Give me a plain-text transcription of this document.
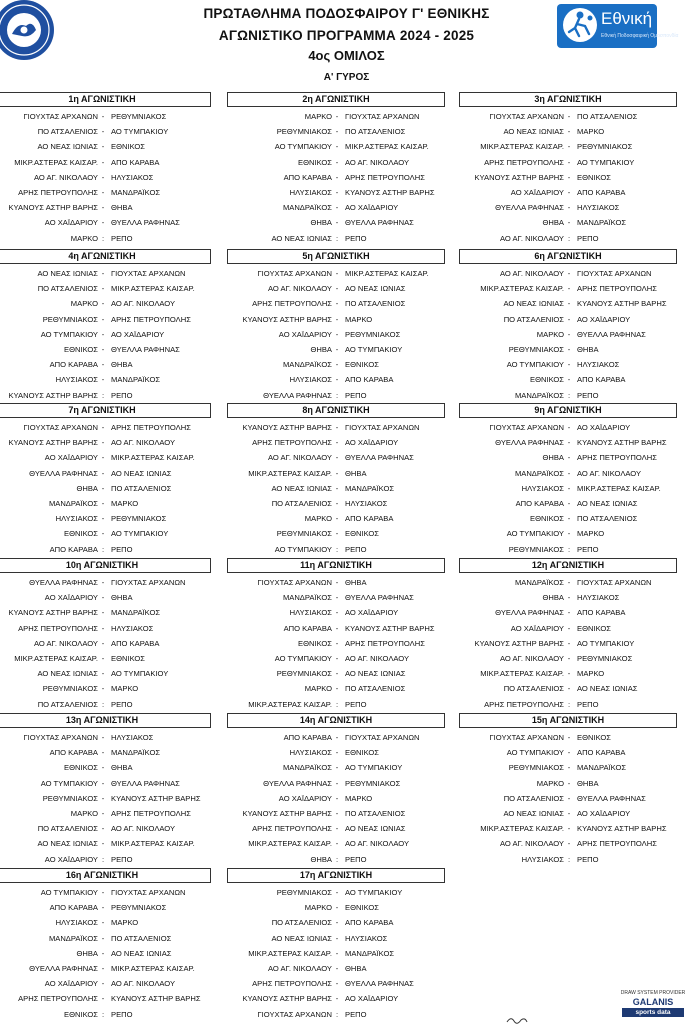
Εθνική
Εθνική Ποδοσφαιρική Ομοσπονδία
ΠΡΩΤΑΘΛΗΜΑ ΠΟΔΟΣΦΑΙΡΟΥ Γ' ΕΘΝΙΚΗΣ
ΑΓΩΝΙΣΤΙΚΟ ΠΡΟΓΡΑΜΜΑ 2024 - 2025
4ος ΟΜΙΛΟΣ
Α' ΓΥΡΟΣ
1η ΑΓΩΝΙΣΤΙΚΗ
ΓΙΟΥΧΤΑΣ ΑΡΧΑΝΩΝ - ΡΕΘΥΜΝΙΑΚΟΣ
ΠΟ ΑΤΣΑΛΕΝΙΟΣ - ΑΟ ΤΥΜΠΑΚΙΟΥ
ΑΟ ΝΕΑΣ ΙΩΝΙΑΣ - ΕΘΝΙΚΟΣ
ΜΙΚΡ.ΑΣΤΕΡΑΣ ΚΑΙΣΑΡ. - ΑΠΟ ΚΑΡΑΒΑ
ΑΟ ΑΓ. ΝΙΚΟΛΑΟΥ - ΗΛΥΣΙΑΚΟΣ
ΑΡΗΣ ΠΕΤΡΟΥΠΟΛΗΣ - ΜΑΝΔΡΑΪΚΟΣ
ΚΥΑΝΟΥΣ ΑΣΤΗΡ ΒΑΡΗΣ - ΘΗΒΑ
ΑΟ ΧΑΪΔΑΡΙΟΥ - ΘΥΕΛΛΑ ΡΑΦΗΝΑΣ
ΜΑΡΚΟ : ΡΕΠΟ
2η ΑΓΩΝΙΣΤΙΚΗ
ΜΑΡΚΟ - ΓΙΟΥΧΤΑΣ ΑΡΧΑΝΩΝ
ΡΕΘΥΜΝΙΑΚΟΣ - ΠΟ ΑΤΣΑΛΕΝΙΟΣ
ΑΟ ΤΥΜΠΑΚΙΟΥ - ΜΙΚΡ.ΑΣΤΕΡΑΣ ΚΑΙΣΑΡ.
ΕΘΝΙΚΟΣ - ΑΟ ΑΓ. ΝΙΚΟΛΑΟΥ
ΑΠΟ ΚΑΡΑΒΑ - ΑΡΗΣ ΠΕΤΡΟΥΠΟΛΗΣ
ΗΛΥΣΙΑΚΟΣ - ΚΥΑΝΟΥΣ ΑΣΤΗΡ ΒΑΡΗΣ
ΜΑΝΔΡΑΪΚΟΣ - ΑΟ ΧΑΪΔΑΡΙΟΥ
ΘΗΒΑ - ΘΥΕΛΛΑ ΡΑΦΗΝΑΣ
ΑΟ ΝΕΑΣ ΙΩΝΙΑΣ : ΡΕΠΟ
3η ΑΓΩΝΙΣΤΙΚΗ
ΓΙΟΥΧΤΑΣ ΑΡΧΑΝΩΝ - ΠΟ ΑΤΣΑΛΕΝΙΟΣ
ΑΟ ΝΕΑΣ ΙΩΝΙΑΣ - ΜΑΡΚΟ
ΜΙΚΡ.ΑΣΤΕΡΑΣ ΚΑΙΣΑΡ. - ΡΕΘΥΜΝΙΑΚΟΣ
ΑΡΗΣ ΠΕΤΡΟΥΠΟΛΗΣ - ΑΟ ΤΥΜΠΑΚΙΟΥ
ΚΥΑΝΟΥΣ ΑΣΤΗΡ ΒΑΡΗΣ - ΕΘΝΙΚΟΣ
ΑΟ ΧΑΪΔΑΡΙΟΥ - ΑΠΟ ΚΑΡΑΒΑ
ΘΥΕΛΛΑ ΡΑΦΗΝΑΣ - ΗΛΥΣΙΑΚΟΣ
ΘΗΒΑ - ΜΑΝΔΡΑΪΚΟΣ
ΑΟ ΑΓ. ΝΙΚΟΛΑΟΥ : ΡΕΠΟ
4η ΑΓΩΝΙΣΤΙΚΗ
ΑΟ ΝΕΑΣ ΙΩΝΙΑΣ - ΓΙΟΥΧΤΑΣ ΑΡΧΑΝΩΝ
ΠΟ ΑΤΣΑΛΕΝΙΟΣ - ΜΙΚΡ.ΑΣΤΕΡΑΣ ΚΑΙΣΑΡ.
ΜΑΡΚΟ - ΑΟ ΑΓ. ΝΙΚΟΛΑΟΥ
ΡΕΘΥΜΝΙΑΚΟΣ - ΑΡΗΣ ΠΕΤΡΟΥΠΟΛΗΣ
ΑΟ ΤΥΜΠΑΚΙΟΥ - ΑΟ ΧΑΪΔΑΡΙΟΥ
ΕΘΝΙΚΟΣ - ΘΥΕΛΛΑ ΡΑΦΗΝΑΣ
ΑΠΟ ΚΑΡΑΒΑ - ΘΗΒΑ
ΗΛΥΣΙΑΚΟΣ - ΜΑΝΔΡΑΪΚΟΣ
ΚΥΑΝΟΥΣ ΑΣΤΗΡ ΒΑΡΗΣ : ΡΕΠΟ
5η ΑΓΩΝΙΣΤΙΚΗ
ΓΙΟΥΧΤΑΣ ΑΡΧΑΝΩΝ - ΜΙΚΡ.ΑΣΤΕΡΑΣ ΚΑΙΣΑΡ.
ΑΟ ΑΓ. ΝΙΚΟΛΑΟΥ - ΑΟ ΝΕΑΣ ΙΩΝΙΑΣ
ΑΡΗΣ ΠΕΤΡΟΥΠΟΛΗΣ - ΠΟ ΑΤΣΑΛΕΝΙΟΣ
ΚΥΑΝΟΥΣ ΑΣΤΗΡ ΒΑΡΗΣ - ΜΑΡΚΟ
ΑΟ ΧΑΪΔΑΡΙΟΥ - ΡΕΘΥΜΝΙΑΚΟΣ
ΘΗΒΑ - ΑΟ ΤΥΜΠΑΚΙΟΥ
ΜΑΝΔΡΑΪΚΟΣ - ΕΘΝΙΚΟΣ
ΗΛΥΣΙΑΚΟΣ - ΑΠΟ ΚΑΡΑΒΑ
ΘΥΕΛΛΑ ΡΑΦΗΝΑΣ : ΡΕΠΟ
6η ΑΓΩΝΙΣΤΙΚΗ
ΑΟ ΑΓ. ΝΙΚΟΛΑΟΥ - ΓΙΟΥΧΤΑΣ ΑΡΧΑΝΩΝ
ΜΙΚΡ.ΑΣΤΕΡΑΣ ΚΑΙΣΑΡ. - ΑΡΗΣ ΠΕΤΡΟΥΠΟΛΗΣ
ΑΟ ΝΕΑΣ ΙΩΝΙΑΣ - ΚΥΑΝΟΥΣ ΑΣΤΗΡ ΒΑΡΗΣ
ΠΟ ΑΤΣΑΛΕΝΙΟΣ - ΑΟ ΧΑΪΔΑΡΙΟΥ
ΜΑΡΚΟ - ΘΥΕΛΛΑ ΡΑΦΗΝΑΣ
ΡΕΘΥΜΝΙΑΚΟΣ - ΘΗΒΑ
ΑΟ ΤΥΜΠΑΚΙΟΥ - ΗΛΥΣΙΑΚΟΣ
ΕΘΝΙΚΟΣ - ΑΠΟ ΚΑΡΑΒΑ
ΜΑΝΔΡΑΪΚΟΣ : ΡΕΠΟ
7η ΑΓΩΝΙΣΤΙΚΗ
ΓΙΟΥΧΤΑΣ ΑΡΧΑΝΩΝ - ΑΡΗΣ ΠΕΤΡΟΥΠΟΛΗΣ
ΚΥΑΝΟΥΣ ΑΣΤΗΡ ΒΑΡΗΣ - ΑΟ ΑΓ. ΝΙΚΟΛΑΟΥ
ΑΟ ΧΑΪΔΑΡΙΟΥ - ΜΙΚΡ.ΑΣΤΕΡΑΣ ΚΑΙΣΑΡ.
ΘΥΕΛΛΑ ΡΑΦΗΝΑΣ - ΑΟ ΝΕΑΣ ΙΩΝΙΑΣ
ΘΗΒΑ - ΠΟ ΑΤΣΑΛΕΝΙΟΣ
ΜΑΝΔΡΑΪΚΟΣ - ΜΑΡΚΟ
ΗΛΥΣΙΑΚΟΣ - ΡΕΘΥΜΝΙΑΚΟΣ
ΕΘΝΙΚΟΣ - ΑΟ ΤΥΜΠΑΚΙΟΥ
ΑΠΟ ΚΑΡΑΒΑ : ΡΕΠΟ
8η ΑΓΩΝΙΣΤΙΚΗ
ΚΥΑΝΟΥΣ ΑΣΤΗΡ ΒΑΡΗΣ - ΓΙΟΥΧΤΑΣ ΑΡΧΑΝΩΝ
ΑΡΗΣ ΠΕΤΡΟΥΠΟΛΗΣ - ΑΟ ΧΑΪΔΑΡΙΟΥ
ΑΟ ΑΓ. ΝΙΚΟΛΑΟΥ - ΘΥΕΛΛΑ ΡΑΦΗΝΑΣ
ΜΙΚΡ.ΑΣΤΕΡΑΣ ΚΑΙΣΑΡ. - ΘΗΒΑ
ΑΟ ΝΕΑΣ ΙΩΝΙΑΣ - ΜΑΝΔΡΑΪΚΟΣ
ΠΟ ΑΤΣΑΛΕΝΙΟΣ - ΗΛΥΣΙΑΚΟΣ
ΜΑΡΚΟ - ΑΠΟ ΚΑΡΑΒΑ
ΡΕΘΥΜΝΙΑΚΟΣ - ΕΘΝΙΚΟΣ
ΑΟ ΤΥΜΠΑΚΙΟΥ : ΡΕΠΟ
9η ΑΓΩΝΙΣΤΙΚΗ
ΓΙΟΥΧΤΑΣ ΑΡΧΑΝΩΝ - ΑΟ ΧΑΪΔΑΡΙΟΥ
ΘΥΕΛΛΑ ΡΑΦΗΝΑΣ - ΚΥΑΝΟΥΣ ΑΣΤΗΡ ΒΑΡΗΣ
ΘΗΒΑ - ΑΡΗΣ ΠΕΤΡΟΥΠΟΛΗΣ
ΜΑΝΔΡΑΪΚΟΣ - ΑΟ ΑΓ. ΝΙΚΟΛΑΟΥ
ΗΛΥΣΙΑΚΟΣ - ΜΙΚΡ.ΑΣΤΕΡΑΣ ΚΑΙΣΑΡ.
ΑΠΟ ΚΑΡΑΒΑ - ΑΟ ΝΕΑΣ ΙΩΝΙΑΣ
ΕΘΝΙΚΟΣ - ΠΟ ΑΤΣΑΛΕΝΙΟΣ
ΑΟ ΤΥΜΠΑΚΙΟΥ - ΜΑΡΚΟ
ΡΕΘΥΜΝΙΑΚΟΣ : ΡΕΠΟ
10η ΑΓΩΝΙΣΤΙΚΗ
ΘΥΕΛΛΑ ΡΑΦΗΝΑΣ - ΓΙΟΥΧΤΑΣ ΑΡΧΑΝΩΝ
ΑΟ ΧΑΪΔΑΡΙΟΥ - ΘΗΒΑ
ΚΥΑΝΟΥΣ ΑΣΤΗΡ ΒΑΡΗΣ - ΜΑΝΔΡΑΪΚΟΣ
ΑΡΗΣ ΠΕΤΡΟΥΠΟΛΗΣ - ΗΛΥΣΙΑΚΟΣ
ΑΟ ΑΓ. ΝΙΚΟΛΑΟΥ - ΑΠΟ ΚΑΡΑΒΑ
ΜΙΚΡ.ΑΣΤΕΡΑΣ ΚΑΙΣΑΡ. - ΕΘΝΙΚΟΣ
ΑΟ ΝΕΑΣ ΙΩΝΙΑΣ - ΑΟ ΤΥΜΠΑΚΙΟΥ
ΡΕΘΥΜΝΙΑΚΟΣ - ΜΑΡΚΟ
ΠΟ ΑΤΣΑΛΕΝΙΟΣ : ΡΕΠΟ
11η ΑΓΩΝΙΣΤΙΚΗ
ΓΙΟΥΧΤΑΣ ΑΡΧΑΝΩΝ - ΘΗΒΑ
ΜΑΝΔΡΑΪΚΟΣ - ΘΥΕΛΛΑ ΡΑΦΗΝΑΣ
ΗΛΥΣΙΑΚΟΣ - ΑΟ ΧΑΪΔΑΡΙΟΥ
ΑΠΟ ΚΑΡΑΒΑ - ΚΥΑΝΟΥΣ ΑΣΤΗΡ ΒΑΡΗΣ
ΕΘΝΙΚΟΣ - ΑΡΗΣ ΠΕΤΡΟΥΠΟΛΗΣ
ΑΟ ΤΥΜΠΑΚΙΟΥ - ΑΟ ΑΓ. ΝΙΚΟΛΑΟΥ
ΡΕΘΥΜΝΙΑΚΟΣ - ΑΟ ΝΕΑΣ ΙΩΝΙΑΣ
ΜΑΡΚΟ - ΠΟ ΑΤΣΑΛΕΝΙΟΣ
ΜΙΚΡ.ΑΣΤΕΡΑΣ ΚΑΙΣΑΡ. : ΡΕΠΟ
12η ΑΓΩΝΙΣΤΙΚΗ
ΜΑΝΔΡΑΪΚΟΣ - ΓΙΟΥΧΤΑΣ ΑΡΧΑΝΩΝ
ΘΗΒΑ - ΗΛΥΣΙΑΚΟΣ
ΘΥΕΛΛΑ ΡΑΦΗΝΑΣ - ΑΠΟ ΚΑΡΑΒΑ
ΑΟ ΧΑΪΔΑΡΙΟΥ - ΕΘΝΙΚΟΣ
ΚΥΑΝΟΥΣ ΑΣΤΗΡ ΒΑΡΗΣ - ΑΟ ΤΥΜΠΑΚΙΟΥ
ΑΟ ΑΓ. ΝΙΚΟΛΑΟΥ - ΡΕΘΥΜΝΙΑΚΟΣ
ΜΙΚΡ.ΑΣΤΕΡΑΣ ΚΑΙΣΑΡ. - ΜΑΡΚΟ
ΠΟ ΑΤΣΑΛΕΝΙΟΣ - ΑΟ ΝΕΑΣ ΙΩΝΙΑΣ
ΑΡΗΣ ΠΕΤΡΟΥΠΟΛΗΣ : ΡΕΠΟ
13η ΑΓΩΝΙΣΤΙΚΗ
ΓΙΟΥΧΤΑΣ ΑΡΧΑΝΩΝ - ΗΛΥΣΙΑΚΟΣ
ΑΠΟ ΚΑΡΑΒΑ - ΜΑΝΔΡΑΪΚΟΣ
ΕΘΝΙΚΟΣ - ΘΗΒΑ
ΑΟ ΤΥΜΠΑΚΙΟΥ - ΘΥΕΛΛΑ ΡΑΦΗΝΑΣ
ΡΕΘΥΜΝΙΑΚΟΣ - ΚΥΑΝΟΥΣ ΑΣΤΗΡ ΒΑΡΗΣ
ΜΑΡΚΟ - ΑΡΗΣ ΠΕΤΡΟΥΠΟΛΗΣ
ΠΟ ΑΤΣΑΛΕΝΙΟΣ - ΑΟ ΑΓ. ΝΙΚΟΛΑΟΥ
ΑΟ ΝΕΑΣ ΙΩΝΙΑΣ - ΜΙΚΡ.ΑΣΤΕΡΑΣ ΚΑΙΣΑΡ.
ΑΟ ΧΑΪΔΑΡΙΟΥ : ΡΕΠΟ
14η ΑΓΩΝΙΣΤΙΚΗ
ΑΠΟ ΚΑΡΑΒΑ - ΓΙΟΥΧΤΑΣ ΑΡΧΑΝΩΝ
ΗΛΥΣΙΑΚΟΣ - ΕΘΝΙΚΟΣ
ΜΑΝΔΡΑΪΚΟΣ - ΑΟ ΤΥΜΠΑΚΙΟΥ
ΘΥΕΛΛΑ ΡΑΦΗΝΑΣ - ΡΕΘΥΜΝΙΑΚΟΣ
ΑΟ ΧΑΪΔΑΡΙΟΥ - ΜΑΡΚΟ
ΚΥΑΝΟΥΣ ΑΣΤΗΡ ΒΑΡΗΣ - ΠΟ ΑΤΣΑΛΕΝΙΟΣ
ΑΡΗΣ ΠΕΤΡΟΥΠΟΛΗΣ - ΑΟ ΝΕΑΣ ΙΩΝΙΑΣ
ΜΙΚΡ.ΑΣΤΕΡΑΣ ΚΑΙΣΑΡ. - ΑΟ ΑΓ. ΝΙΚΟΛΑΟΥ
ΘΗΒΑ : ΡΕΠΟ
15η ΑΓΩΝΙΣΤΙΚΗ
ΓΙΟΥΧΤΑΣ ΑΡΧΑΝΩΝ - ΕΘΝΙΚΟΣ
ΑΟ ΤΥΜΠΑΚΙΟΥ - ΑΠΟ ΚΑΡΑΒΑ
ΡΕΘΥΜΝΙΑΚΟΣ - ΜΑΝΔΡΑΪΚΟΣ
ΜΑΡΚΟ - ΘΗΒΑ
ΠΟ ΑΤΣΑΛΕΝΙΟΣ - ΘΥΕΛΛΑ ΡΑΦΗΝΑΣ
ΑΟ ΝΕΑΣ ΙΩΝΙΑΣ - ΑΟ ΧΑΪΔΑΡΙΟΥ
ΜΙΚΡ.ΑΣΤΕΡΑΣ ΚΑΙΣΑΡ. - ΚΥΑΝΟΥΣ ΑΣΤΗΡ ΒΑΡΗΣ
ΑΟ ΑΓ. ΝΙΚΟΛΑΟΥ - ΑΡΗΣ ΠΕΤΡΟΥΠΟΛΗΣ
ΗΛΥΣΙΑΚΟΣ : ΡΕΠΟ
16η ΑΓΩΝΙΣΤΙΚΗ
ΑΟ ΤΥΜΠΑΚΙΟΥ - ΓΙΟΥΧΤΑΣ ΑΡΧΑΝΩΝ
ΑΠΟ ΚΑΡΑΒΑ - ΡΕΘΥΜΝΙΑΚΟΣ
ΗΛΥΣΙΑΚΟΣ - ΜΑΡΚΟ
ΜΑΝΔΡΑΪΚΟΣ - ΠΟ ΑΤΣΑΛΕΝΙΟΣ
ΘΗΒΑ - ΑΟ ΝΕΑΣ ΙΩΝΙΑΣ
ΘΥΕΛΛΑ ΡΑΦΗΝΑΣ - ΜΙΚΡ.ΑΣΤΕΡΑΣ ΚΑΙΣΑΡ.
ΑΟ ΧΑΪΔΑΡΙΟΥ - ΑΟ ΑΓ. ΝΙΚΟΛΑΟΥ
ΑΡΗΣ ΠΕΤΡΟΥΠΟΛΗΣ - ΚΥΑΝΟΥΣ ΑΣΤΗΡ ΒΑΡΗΣ
ΕΘΝΙΚΟΣ : ΡΕΠΟ
17η ΑΓΩΝΙΣΤΙΚΗ
ΡΕΘΥΜΝΙΑΚΟΣ - ΑΟ ΤΥΜΠΑΚΙΟΥ
ΜΑΡΚΟ - ΕΘΝΙΚΟΣ
ΠΟ ΑΤΣΑΛΕΝΙΟΣ - ΑΠΟ ΚΑΡΑΒΑ
ΑΟ ΝΕΑΣ ΙΩΝΙΑΣ - ΗΛΥΣΙΑΚΟΣ
ΜΙΚΡ.ΑΣΤΕΡΑΣ ΚΑΙΣΑΡ. - ΜΑΝΔΡΑΪΚΟΣ
ΑΟ ΑΓ. ΝΙΚΟΛΑΟΥ - ΘΗΒΑ
ΑΡΗΣ ΠΕΤΡΟΥΠΟΛΗΣ - ΘΥΕΛΛΑ ΡΑΦΗΝΑΣ
ΚΥΑΝΟΥΣ ΑΣΤΗΡ ΒΑΡΗΣ - ΑΟ ΧΑΪΔΑΡΙΟΥ
ΓΙΟΥΧΤΑΣ ΑΡΧΑΝΩΝ : ΡΕΠΟ
DRAW SYSTEM PROVIDER
GALANIS
sports data
